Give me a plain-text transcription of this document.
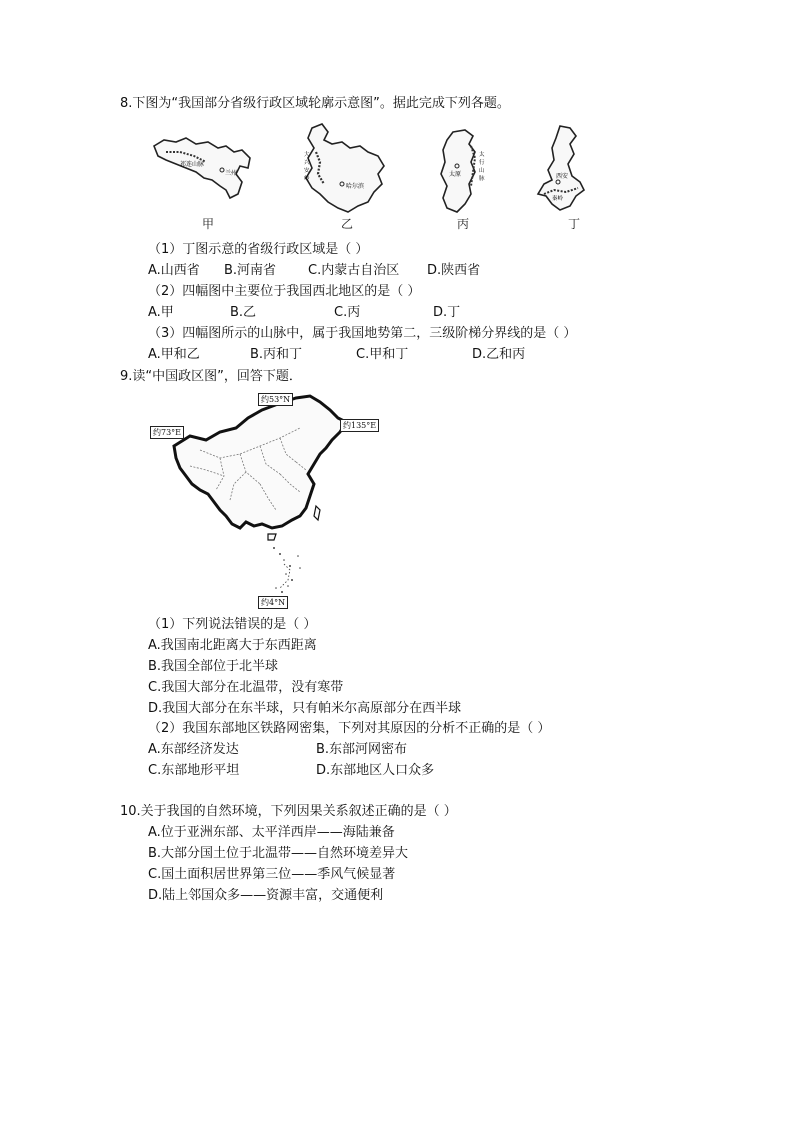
8.下图为“我国部分省级行政区域轮廓示意图”。据此完成下列各题。
祁连山脉
兰州
甲
大
兴
安
岭
哈尔滨
乙
太
行
山
脉
太原
丙
秦岭
西安
丁
（1）丁图示意的省级行政区域是（ ）
A.山西省 B.河南省 C.内蒙古自治区 D.陕西省
（2）四幅图中主要位于我国西北地区的是（ ）
A.甲	B.乙	C.丙	D.丁
（3）四幅图所示的山脉中，属于我国地势第二，三级阶梯分界线的是（ ）
A.甲和乙	B.丙和丁	C.甲和丁	D.乙和丙
9.读“中国政区图”，回答下题．
约53°N
约73°E
约135°E
约4°N
（1）下列说法错误的是（ ）
A.我国南北距离大于东西距离
B.我国全部位于北半球
C.我国大部分在北温带，没有寒带
D.我国大部分在东半球，只有帕米尔高原部分在西半球
（2）我国东部地区铁路网密集，下列对其原因的分析不正确的是（ ）
A.东部经济发达	B.东部河网密布
C.东部地形平坦	D.东部地区人口众多
10.关于我国的自然环境，下列因果关系叙述正确的是（ ）
A.位于亚洲东部、太平洋西岸——海陆兼备
B.大部分国土位于北温带——自然环境差异大
C.国土面积居世界第三位——季风气候显著
D.陆上邻国众多——资源丰富，交通便利
